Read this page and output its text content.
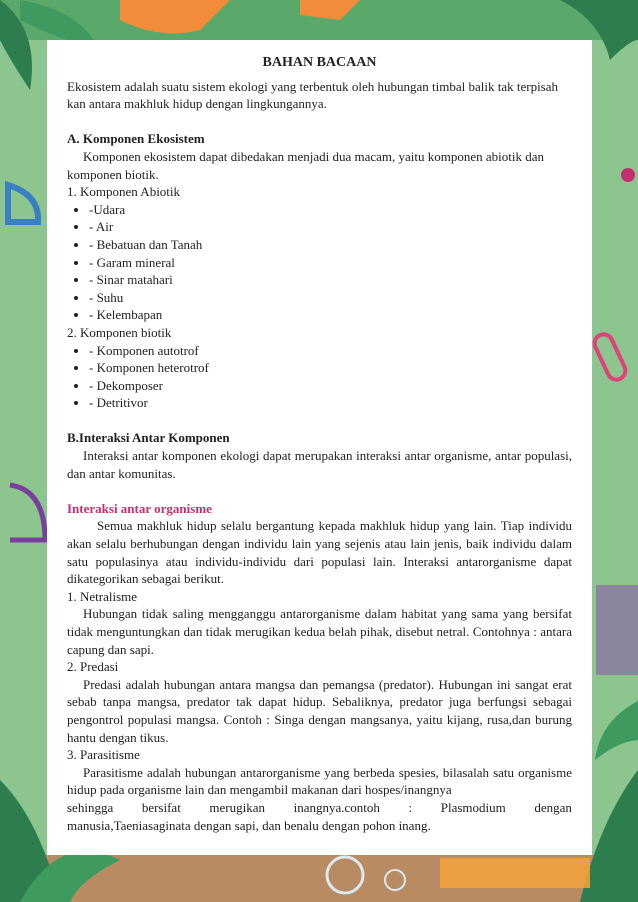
BAHAN BACAAN

Ekosistem adalah suatu sistem ekologi yang terbentuk oleh hubungan timbal balik tak terpisah kan antara makhluk hidup dengan lingkungannya.

A. Komponen Ekosistem

Komponen ekosistem dapat dibedakan menjadi dua macam, yaitu komponen abiotik dan komponen biotik.

1. Komponen Abiotik

• -Udara
• - Air
• - Bebatuan dan Tanah
• - Garam mineral
• - Sinar matahari
• - Suhu
• - Kelembapan

2. Komponen biotik

• - Komponen autotrof
• - Komponen heterotrof
• - Dekomposer
• - Detritivor

B.Interaksi Antar Komponen

Interaksi antar komponen ekologi dapat merupakan interaksi antar organisme, antar populasi, dan antar komunitas.

Interaksi antar organisme

Semua makhluk hidup selalu bergantung kepada makhluk hidup yang lain. Tiap individu akan selalu berhubungan dengan individu lain yang sejenis atau lain jenis, baik individu dalam satu populasinya atau individu-individu dari populasi lain. Interaksi antarorganisme dapat dikategorikan sebagai berikut.

1. Netralisme

Hubungan tidak saling mengganggu antarorganisme dalam habitat yang sama yang bersifat tidak menguntungkan dan tidak merugikan kedua belah pihak, disebut netral. Contohnya : antara capung dan sapi.

2. Predasi

Predasi adalah hubungan antara mangsa dan pemangsa (predator). Hubungan ini sangat erat sebab tanpa mangsa, predator tak dapat hidup. Sebaliknya, predator juga berfungsi sebagai pengontrol populasi mangsa. Contoh : Singa dengan mangsanya, yaitu kijang, rusa,dan burung hantu dengan tikus.

3. Parasitisme

Parasitisme adalah hubungan antarorganisme yang berbeda spesies, bilasalah satu organisme hidup pada organisme lain dan mengambil makanan dari hospes/inangnya

sehingga bersifat merugikan inangnya.contoh : Plasmodium dengan

manusia,Taeniasaginata dengan sapi, dan benalu dengan pohon inang.
